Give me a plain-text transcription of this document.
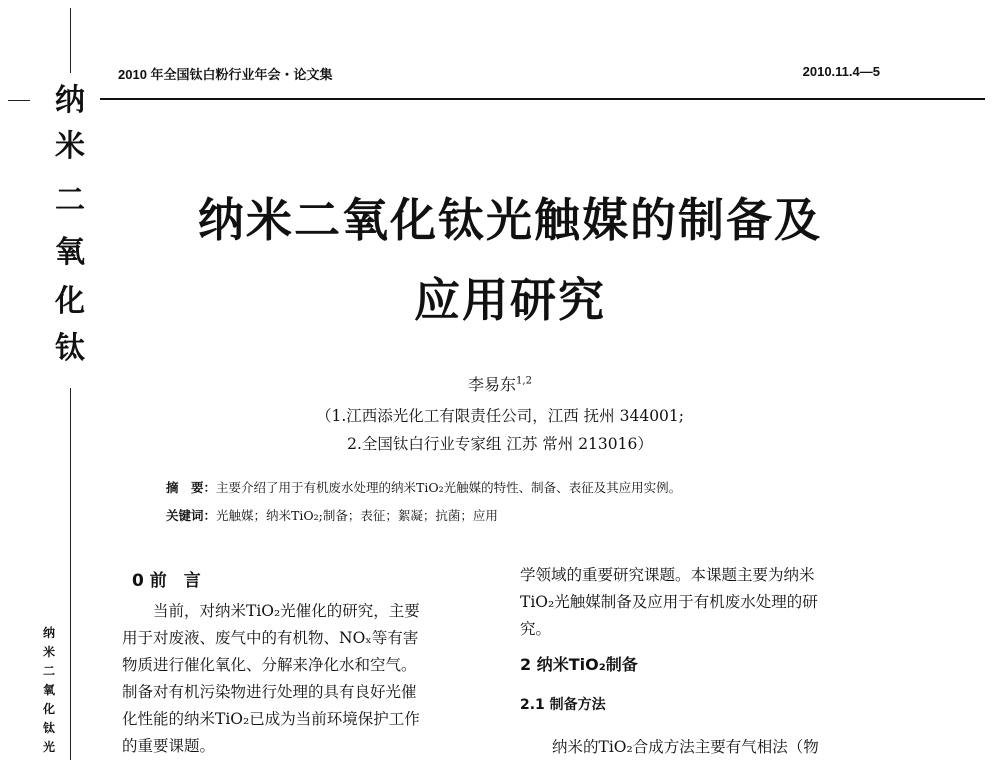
纳
米
二
氧
化
钛
纳
米
二
氧
化
钛
光
2010 年全国钛白粉行业年会・论文集	2010.11.4—5
纳米二氧化钛光触媒的制备及
应用研究
李易东$^{1,2}$
（1.江西添光化工有限责任公司，江西 抚州 344001;
2.全国钛白行业专家组 江苏 常州 213016）
摘　要：主要介绍了用于有机废水处理的纳米TiO₂光触媒的特性、制备、表征及其应用实例。
关键词：光触媒；纳米TiO₂;制备；表征；絮凝；抗菌；应用
0 前　言

当前，对纳米TiO₂光催化的研究，主要

用于对废液、废气中的有机物、NOₓ等有害

物质进行催化氧化、分解来净化水和空气。

制备对有机污染物进行处理的具有良好光催

化性能的纳米TiO₂已成为当前环境保护工作

的重要课题。

学领域的重要研究课题。本课题主要为纳米

TiO₂光触媒制备及应用于有机废水处理的研

究。

2 纳米TiO₂制备
2.1 制备方法
纳米的TiO₂合成方法主要有气相法（物
